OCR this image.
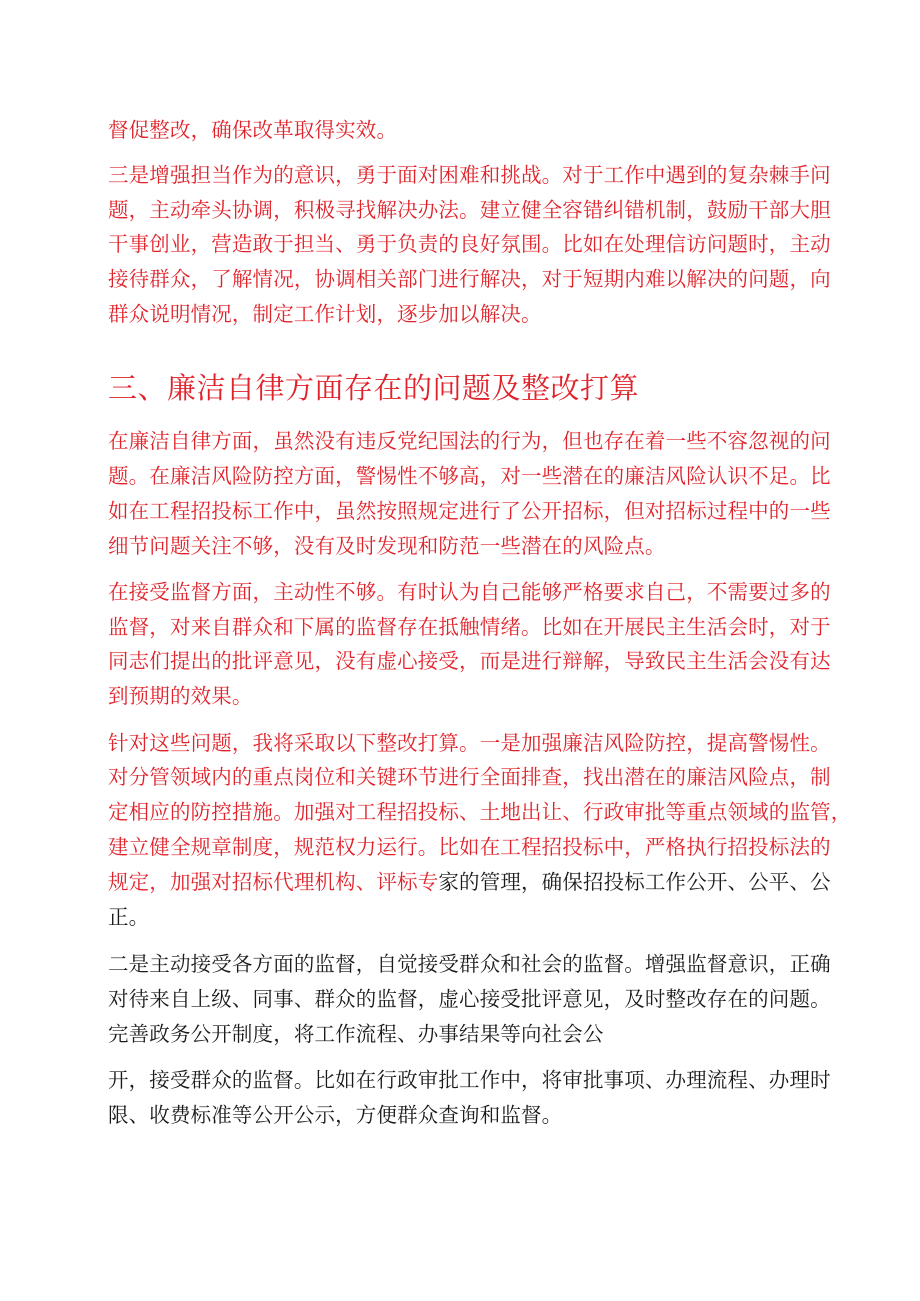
督促整改，确保改革取得实效。
三是增强担当作为的意识，勇于面对困难和挑战。对于工作中遇到的复杂棘手问
题，主动牵头协调，积极寻找解决办法。建立健全容错纠错机制，鼓励干部大胆
干事创业，营造敢于担当、勇于负责的良好氛围。比如在处理信访问题时，主动
接待群众，了解情况，协调相关部门进行解决，对于短期内难以解决的问题，向
群众说明情况，制定工作计划，逐步加以解决。
三、廉洁自律方面存在的问题及整改打算
在廉洁自律方面，虽然没有违反党纪国法的行为，但也存在着一些不容忽视的问
题。在廉洁风险防控方面，警惕性不够高，对一些潜在的廉洁风险认识不足。比
如在工程招投标工作中，虽然按照规定进行了公开招标，但对招标过程中的一些
细节问题关注不够，没有及时发现和防范一些潜在的风险点。
在接受监督方面，主动性不够。有时认为自己能够严格要求自己，不需要过多的
监督，对来自群众和下属的监督存在抵触情绪。比如在开展民主生活会时，对于
同志们提出的批评意见，没有虚心接受，而是进行辩解，导致民主生活会没有达
到预期的效果。
针对这些问题，我将采取以下整改打算。一是加强廉洁风险防控，提高警惕性。
对分管领域内的重点岗位和关键环节进行全面排查，找出潜在的廉洁风险点，制
定相应的防控措施。加强对工程招投标、土地出让、行政审批等重点领域的监管，
建立健全规章制度，规范权力运行。比如在工程招投标中，严格执行招投标法的
规定，加强对招标代理机构、评标专家的管理，确保招投标工作公开、公平、公
正。
二是主动接受各方面的监督，自觉接受群众和社会的监督。增强监督意识，正确
对待来自上级、同事、群众的监督，虚心接受批评意见，及时整改存在的问题。
完善政务公开制度，将工作流程、办事结果等向社会公
开，接受群众的监督。比如在行政审批工作中，将审批事项、办理流程、办理时
限、收费标准等公开公示，方便群众查询和监督。
